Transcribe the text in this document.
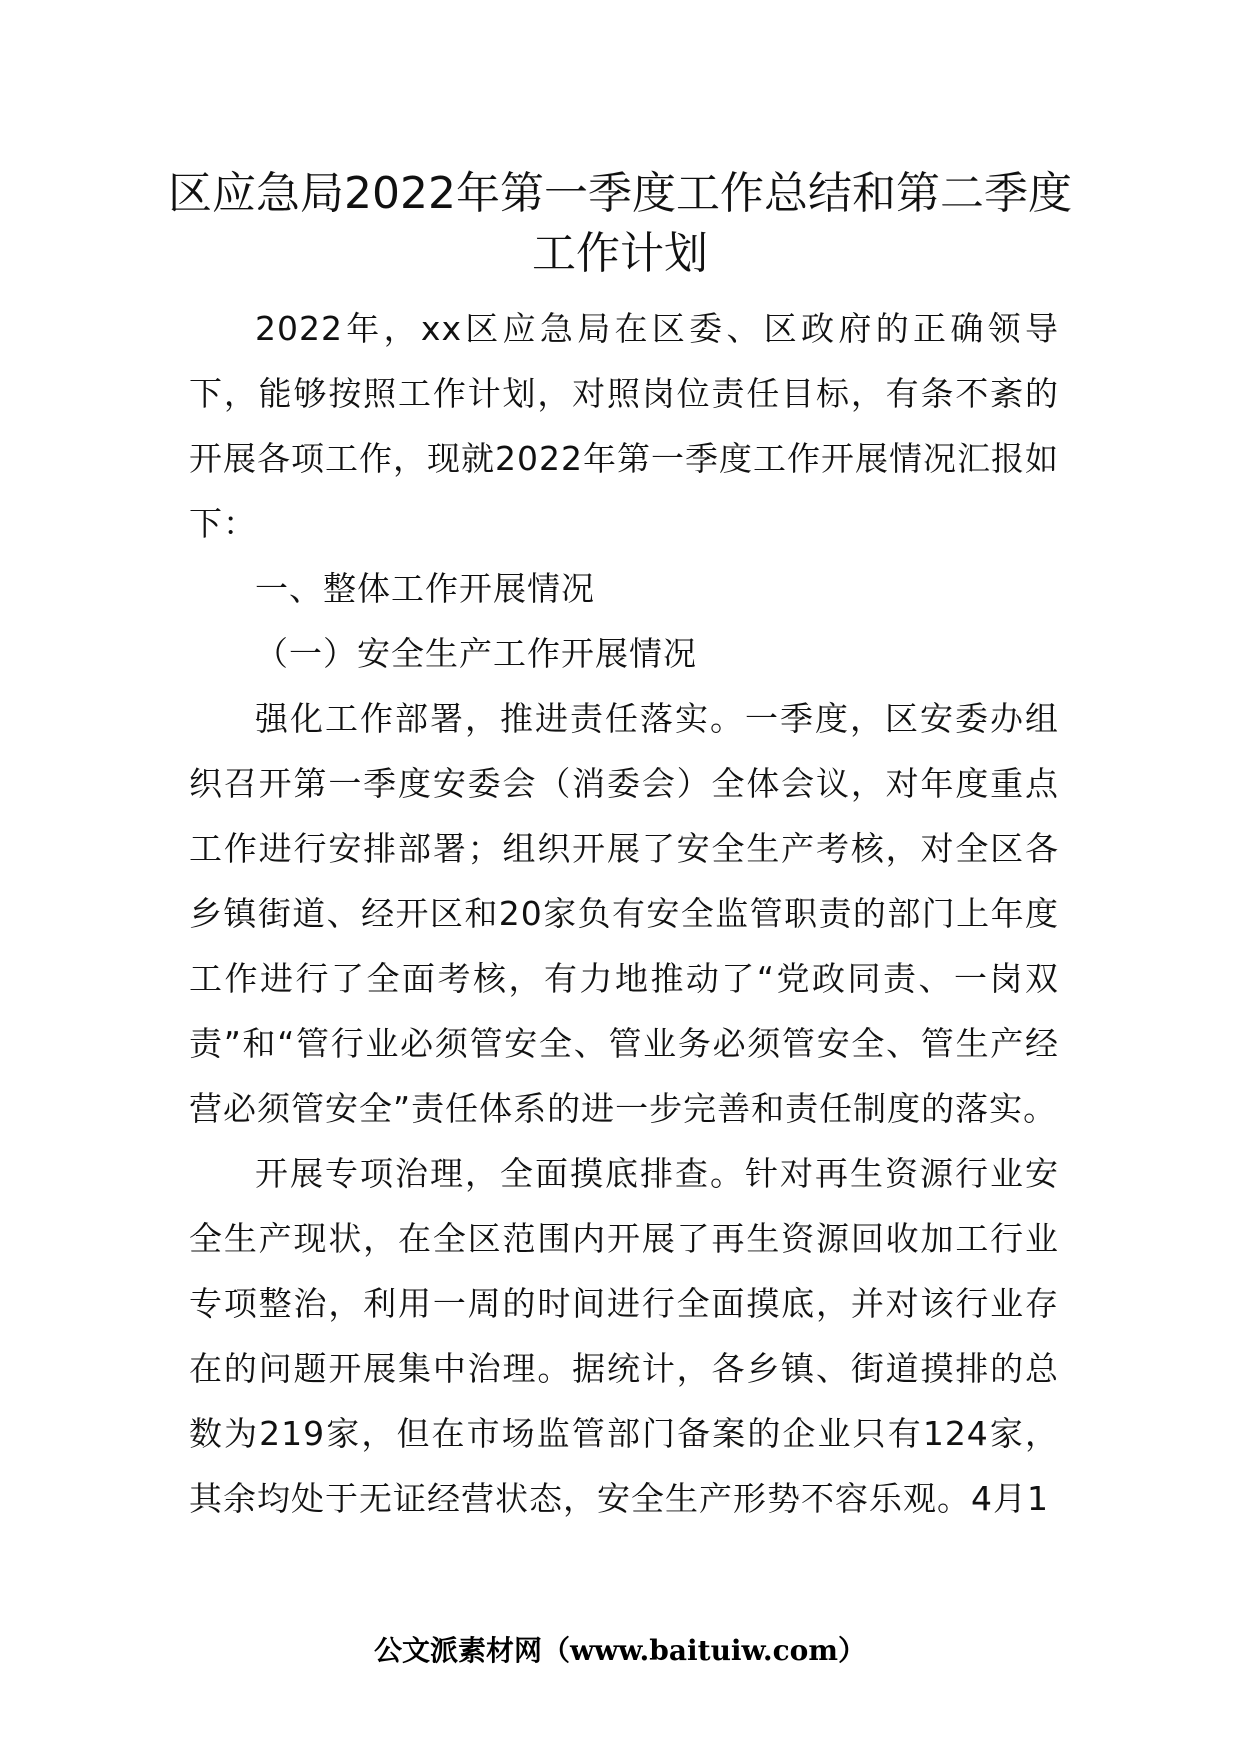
区应急局2022年第一季度工作总结和第二季度工作计划

2022年，xx区应急局在区委、区政府的正确领导下，能够按照工作计划，对照岗位责任目标，有条不紊的开展各项工作，现就2022年第一季度工作开展情况汇报如下：

一、整体工作开展情况

（一）安全生产工作开展情况

强化工作部署，推进责任落实。一季度，区安委办组织召开第一季度安委会（消委会）全体会议，对年度重点工作进行安排部署；组织开展了安全生产考核，对全区各乡镇街道、经开区和20家负有安全监管职责的部门上年度工作进行了全面考核，有力地推动了“党政同责、一岗双责”和“管行业必须管安全、管业务必须管安全、管生产经营必须管安全”责任体系的进一步完善和责任制度的落实。

开展专项治理，全面摸底排查。针对再生资源行业安全生产现状，在全区范围内开展了再生资源回收加工行业专项整治，利用一周的时间进行全面摸底，并对该行业存在的问题开展集中治理。据统计，各乡镇、街道摸排的总数为219家，但在市场监管部门备案的企业只有124家，其余均处于无证经营状态，安全生产形势不容乐观。4月1

公文派素材网（www.baituiw.com）
